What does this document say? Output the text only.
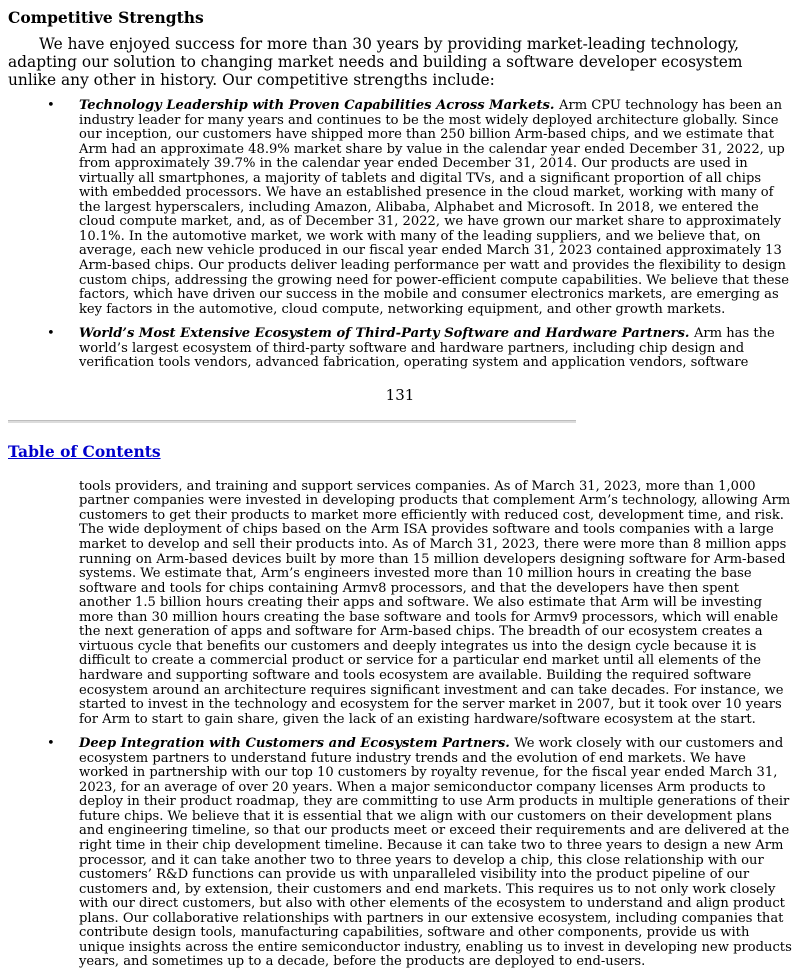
Competitive Strengths

We have enjoyed success for more than 30 years by providing market-leading technology, adapting our solution to changing market needs and building a software developer ecosystem unlike any other in history. Our competitive strengths include:

• Technology Leadership with Proven Capabilities Across Markets. Arm CPU technology has been an industry leader for many years and continues to be the most widely deployed architecture globally. Since our inception, our customers have shipped more than 250 billion Arm-based chips, and we estimate that Arm had an approximate 48.9% market share by value in the calendar year ended December 31, 2022, up from approximately 39.7% in the calendar year ended December 31, 2014. Our products are used in virtually all smartphones, a majority of tablets and digital TVs, and a significant proportion of all chips with embedded processors. We have an established presence in the cloud market, working with many of the largest hyperscalers, including Amazon, Alibaba, Alphabet and Microsoft. In 2018, we entered the cloud compute market, and, as of December 31, 2022, we have grown our market share to approximately 10.1%. In the automotive market, we work with many of the leading suppliers, and we believe that, on average, each new vehicle produced in our fiscal year ended March 31, 2023 contained approximately 13 Arm-based chips. Our products deliver leading performance per watt and provides the flexibility to design custom chips, addressing the growing need for power-efficient compute capabilities. We believe that these factors, which have driven our success in the mobile and consumer electronics markets, are emerging as key factors in the automotive, cloud compute, networking equipment, and other growth markets.
• World’s Most Extensive Ecosystem of Third-Party Software and Hardware Partners. Arm has the world’s largest ecosystem of third-party software and hardware partners, including chip design and verification tools vendors, advanced fabrication, operating system and application vendors, software
131
Table of Contents
tools providers, and training and support services companies. As of March 31, 2023, more than 1,000 partner companies were invested in developing products that complement Arm’s technology, allowing Arm customers to get their products to market more efficiently with reduced cost, development time, and risk. The wide deployment of chips based on the Arm ISA provides software and tools companies with a large market to develop and sell their products into. As of March 31, 2023, there were more than 8 million apps running on Arm-based devices built by more than 15 million developers designing software for Arm-based systems. We estimate that, Arm’s engineers invested more than 10 million hours in creating the base software and tools for chips containing Armv8 processors, and that the developers have then spent another 1.5 billion hours creating their apps and software. We also estimate that Arm will be investing more than 30 million hours creating the base software and tools for Armv9 processors, which will enable the next generation of apps and software for Arm-based chips. The breadth of our ecosystem creates a virtuous cycle that benefits our customers and deeply integrates us into the design cycle because it is difficult to create a commercial product or service for a particular end market until all elements of the hardware and supporting software and tools ecosystem are available. Building the required software ecosystem around an architecture requires significant investment and can take decades. For instance, we started to invest in the technology and ecosystem for the server market in 2007, but it took over 10 years for Arm to start to gain share, given the lack of an existing hardware/software ecosystem at the start.
• Deep Integration with Customers and Ecosystem Partners. We work closely with our customers and ecosystem partners to understand future industry trends and the evolution of end markets. We have worked in partnership with our top 10 customers by royalty revenue, for the fiscal year ended March 31, 2023, for an average of over 20 years. When a major semiconductor company licenses Arm products to deploy in their product roadmap, they are committing to use Arm products in multiple generations of their future chips. We believe that it is essential that we align with our customers on their development plans and engineering timeline, so that our products meet or exceed their requirements and are delivered at the right time in their chip development timeline. Because it can take two to three years to design a new Arm processor, and it can take another two to three years to develop a chip, this close relationship with our customers’ R&D functions can provide us with unparalleled visibility into the product pipeline of our customers and, by extension, their customers and end markets. This requires us to not only work closely with our direct customers, but also with other elements of the ecosystem to understand and align product plans. Our collaborative relationships with partners in our extensive ecosystem, including companies that contribute design tools, manufacturing capabilities, software and other components, provide us with unique insights across the entire semiconductor industry, enabling us to invest in developing new products years, and sometimes up to a decade, before the products are deployed to end-users.
